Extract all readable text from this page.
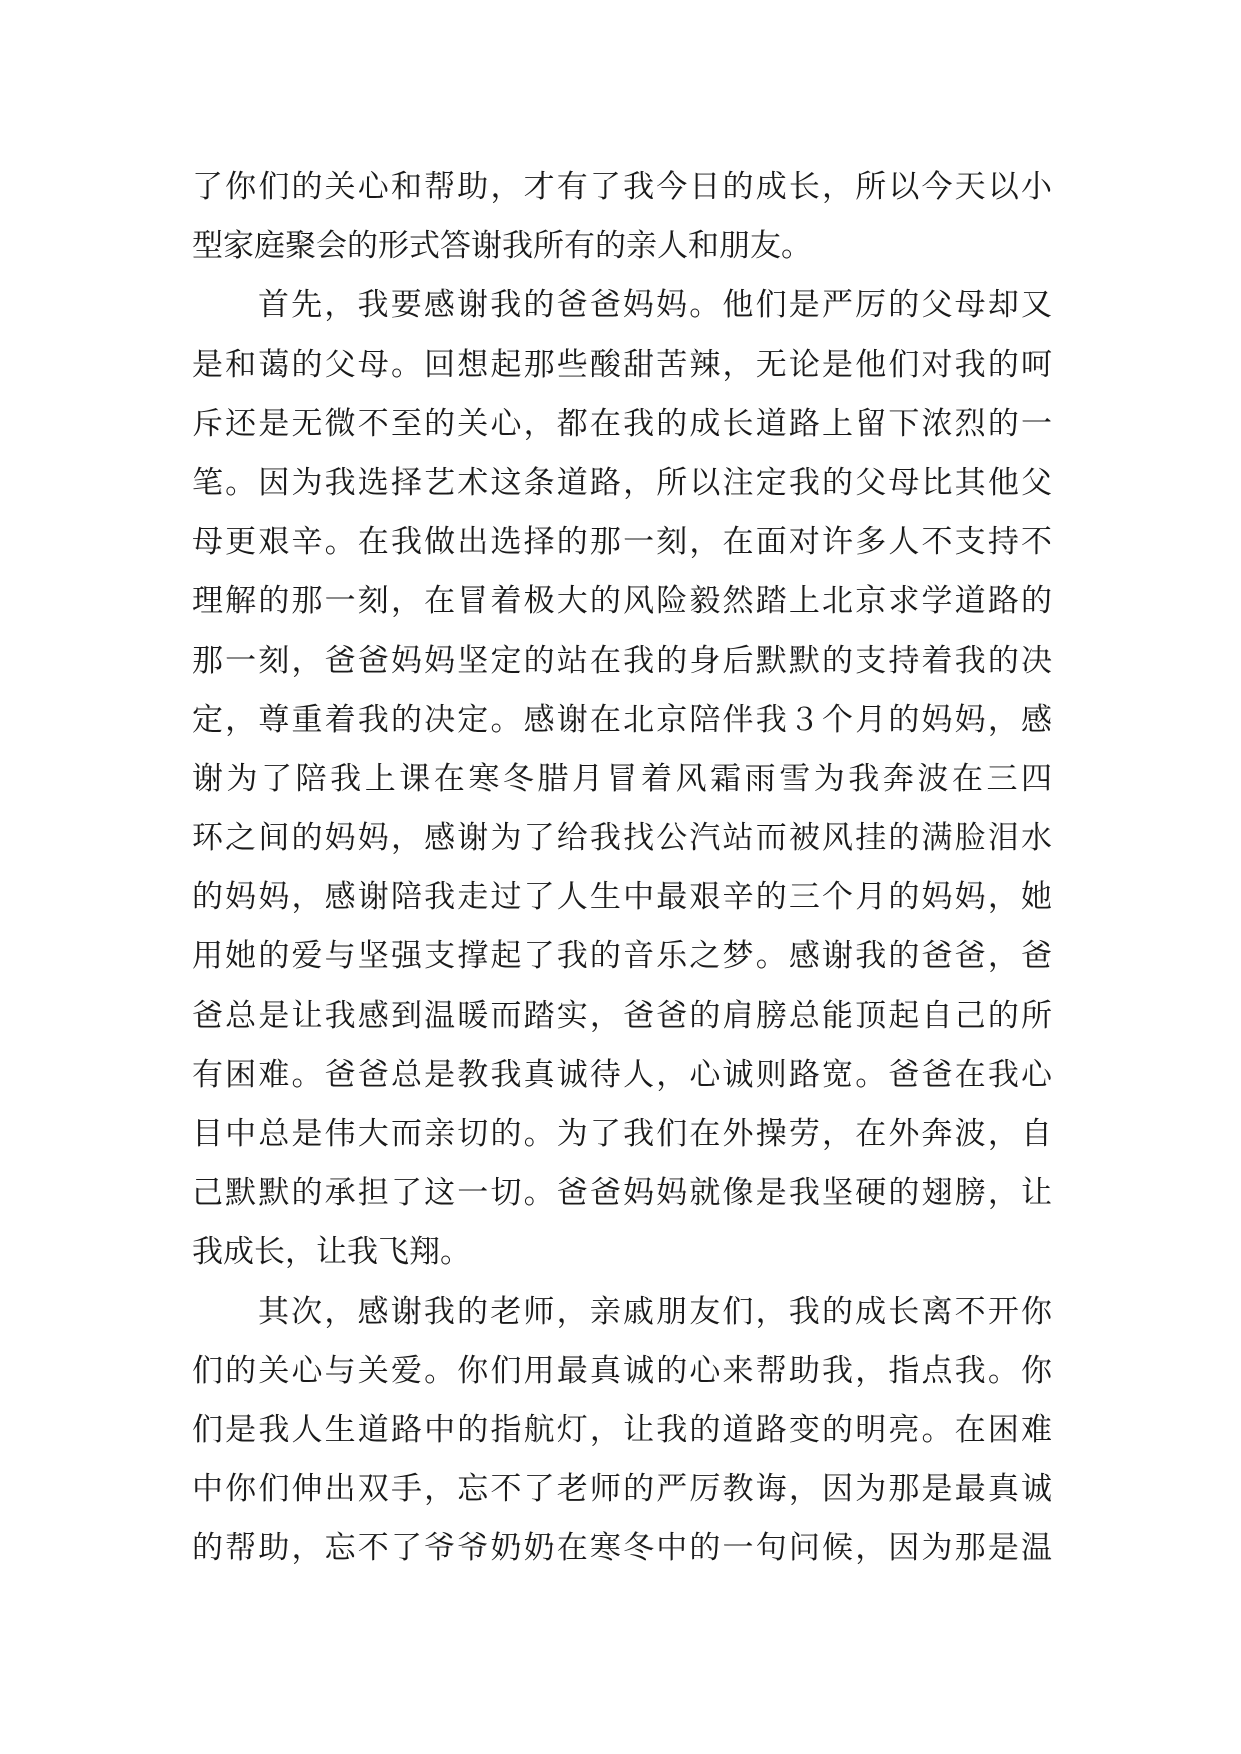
了你们的关心和帮助，才有了我今日的成长，所以今天以小
型家庭聚会的形式答谢我所有的亲人和朋友。
首先，我要感谢我的爸爸妈妈。他们是严厉的父母却又
是和蔼的父母。回想起那些酸甜苦辣，无论是他们对我的呵
斥还是无微不至的关心，都在我的成长道路上留下浓烈的一
笔。因为我选择艺术这条道路，所以注定我的父母比其他父
母更艰辛。在我做出选择的那一刻，在面对许多人不支持不
理解的那一刻，在冒着极大的风险毅然踏上北京求学道路的
那一刻，爸爸妈妈坚定的站在我的身后默默的支持着我的决
定，尊重着我的决定。感谢在北京陪伴我３个月的妈妈，感
谢为了陪我上课在寒冬腊月冒着风霜雨雪为我奔波在三四
环之间的妈妈，感谢为了给我找公汽站而被风挂的满脸泪水
的妈妈，感谢陪我走过了人生中最艰辛的三个月的妈妈，她
用她的爱与坚强支撑起了我的音乐之梦。感谢我的爸爸，爸
爸总是让我感到温暖而踏实，爸爸的肩膀总能顶起自己的所
有困难。爸爸总是教我真诚待人，心诚则路宽。爸爸在我心
目中总是伟大而亲切的。为了我们在外操劳，在外奔波，自
己默默的承担了这一切。爸爸妈妈就像是我坚硬的翅膀，让
我成长，让我飞翔。
其次，感谢我的老师，亲戚朋友们，我的成长离不开你
们的关心与关爱。你们用最真诚的心来帮助我，指点我。你
们是我人生道路中的指航灯，让我的道路变的明亮。在困难
中你们伸出双手，忘不了老师的严厉教诲，因为那是最真诚
的帮助，忘不了爷爷奶奶在寒冬中的一句问候，因为那是温
